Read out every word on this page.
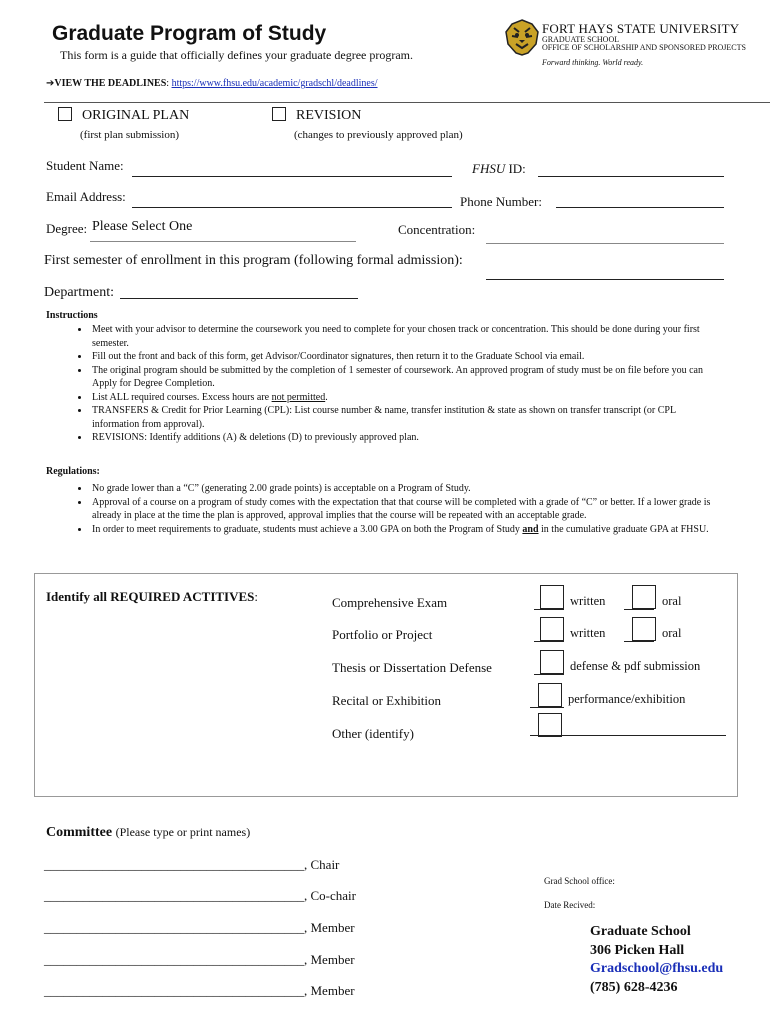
Graduate Program of Study
This form is a guide that officially defines your graduate degree program.
➔VIEW THE DEADLINES: https://www.fhsu.edu/academic/gradschl/deadlines/
FORT HAYS STATE UNIVERSITY
GRADUATE SCHOOL
OFFICE OF SCHOLARSHIP AND SPONSORED PROJECTS
Forward thinking. World ready.
ORIGINAL PLAN
(first plan submission)
REVISION
(changes to previously approved plan)
Student Name:	FHSU ID:
Email Address:	Phone Number:
Degree: Please Select One	Concentration:
First semester of enrollment in this program (following formal admission):
Department:
Instructions
• Meet with your advisor to determine the coursework you need to complete for your chosen track or concentration. This should be done during your first semester.
• Fill out the front and back of this form, get Advisor/Coordinator signatures, then return it to the Graduate School via email.
• The original program should be submitted by the completion of 1 semester of coursework. An approved program of study must be on file before you can Apply for Degree Completion.
• List ALL required courses. Excess hours are not permitted.
• TRANSFERS & Credit for Prior Learning (CPL): List course number & name, transfer institution & state as shown on transfer transcript (or CPL information from approval).
• REVISIONS: Identify additions (A) & deletions (D) to previously approved plan.
Regulations:
• No grade lower than a “C” (generating 2.00 grade points) is acceptable on a Program of Study.
• Approval of a course on a program of study comes with the expectation that that course will be completed with a grade of “C” or better. If a lower grade is already in place at the time the plan is approved, approval implies that the course will be repeated with an acceptable grade.
• In order to meet requirements to graduate, students must achieve a 3.00 GPA on both the Program of Study and in the cumulative graduate GPA at FHSU.
Identify all REQUIRED ACTITIVES:	Comprehensive Exam	written	oral
Portfolio or Project	written	oral
Thesis or Dissertation Defense	defense & pdf submission
Recital or Exhibition	performance/exhibition
Other (identify)
Committee (Please type or print names)
________________________________________, Chair
________________________________________, Co-chair
________________________________________, Member
________________________________________, Member
________________________________________, Member
Grad School office:
Date Recived:
Graduate School
306 Picken Hall
Gradschool@fhsu.edu
(785) 628-4236
